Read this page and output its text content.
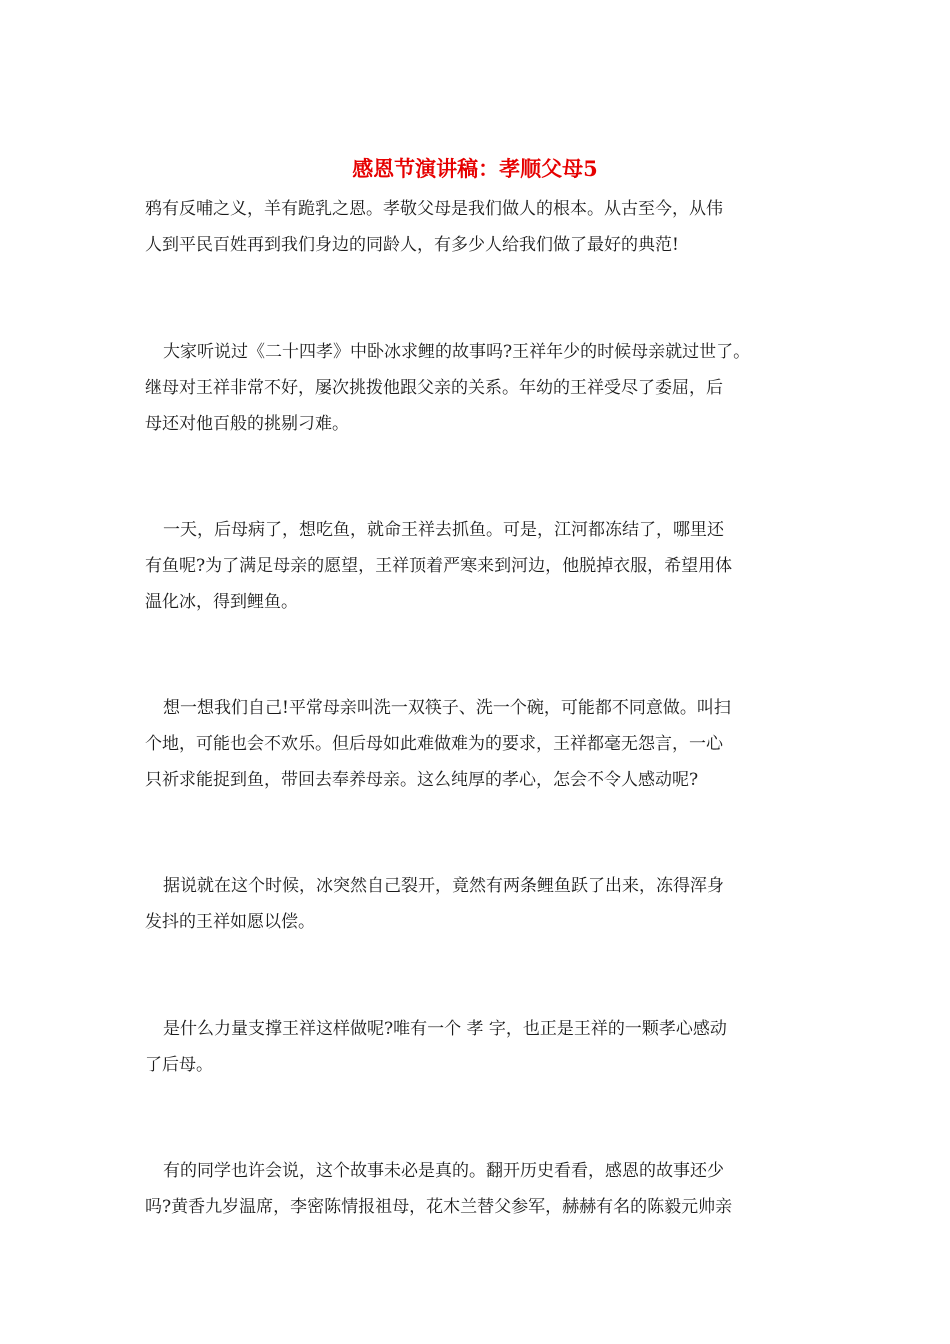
感恩节演讲稿：孝顺父母5
鸦有反哺之义，羊有跪乳之恩。孝敬父母是我们做人的根本。从古至今，从伟
人到平民百姓再到我们身边的同龄人，有多少人给我们做了最好的典范!
大家听说过《二十四孝》中卧冰求鲤的故事吗?王祥年少的时候母亲就过世了。
继母对王祥非常不好，屡次挑拨他跟父亲的关系。年幼的王祥受尽了委屈，后
母还对他百般的挑剔刁难。
一天，后母病了，想吃鱼，就命王祥去抓鱼。可是，江河都冻结了，哪里还
有鱼呢?为了满足母亲的愿望，王祥顶着严寒来到河边，他脱掉衣服，希望用体
温化冰，得到鲤鱼。
想一想我们自己!平常母亲叫洗一双筷子、洗一个碗，可能都不同意做。叫扫
个地，可能也会不欢乐。但后母如此难做难为的要求，王祥都毫无怨言，一心
只祈求能捉到鱼，带回去奉养母亲。这么纯厚的孝心，怎会不令人感动呢?
据说就在这个时候，冰突然自己裂开，竟然有两条鲤鱼跃了出来，冻得浑身
发抖的王祥如愿以偿。
是什么力量支撑王祥这样做呢?唯有一个 孝 字，也正是王祥的一颗孝心感动
了后母。
有的同学也许会说，这个故事未必是真的。翻开历史看看，感恩的故事还少
吗?黄香九岁温席，李密陈情报祖母，花木兰替父参军，赫赫有名的陈毅元帅亲
